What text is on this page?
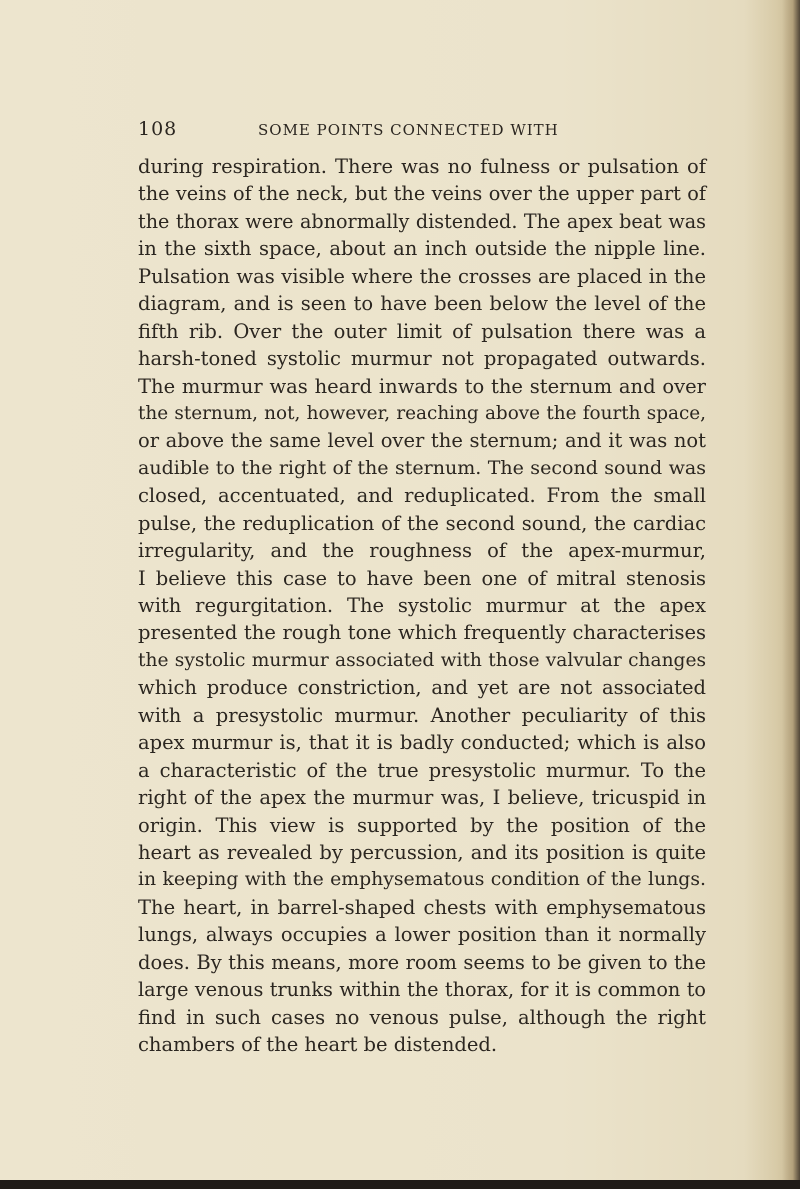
108	SOME POINTS CONNECTED WITH

during respiration. There was no fulness or pulsation of
the veins of the neck, but the veins over the upper part of
the thorax were abnormally distended. The apex beat was
in the sixth space, about an inch outside the nipple line.
Pulsation was visible where the crosses are placed in the
diagram, and is seen to have been below the level of the
fifth rib. Over the outer limit of pulsation there was a
harsh-toned systolic murmur not propagated outwards.
The murmur was heard inwards to the sternum and over
the sternum, not, however, reaching above the fourth space,
or above the same level over the sternum; and it was not
audible to the right of the sternum. The second sound was
closed, accentuated, and reduplicated. From the small
pulse, the reduplication of the second sound, the cardiac
irregularity, and the roughness of the apex-murmur,
I believe this case to have been one of mitral stenosis
with regurgitation. The systolic murmur at the apex
presented the rough tone which frequently characterises
the systolic murmur associated with those valvular changes
which produce constriction, and yet are not associated
with a presystolic murmur. Another peculiarity of this
apex murmur is, that it is badly conducted; which is also
a characteristic of the true presystolic murmur. To the
right of the apex the murmur was, I believe, tricuspid in
origin. This view is supported by the position of the
heart as revealed by percussion, and its position is quite
in keeping with the emphysematous condition of the lungs.
The heart, in barrel-shaped chests with emphysematous
lungs, always occupies a lower position than it normally
does. By this means, more room seems to be given to the
large venous trunks within the thorax, for it is common to
find in such cases no venous pulse, although the right
chambers of the heart be distended.
